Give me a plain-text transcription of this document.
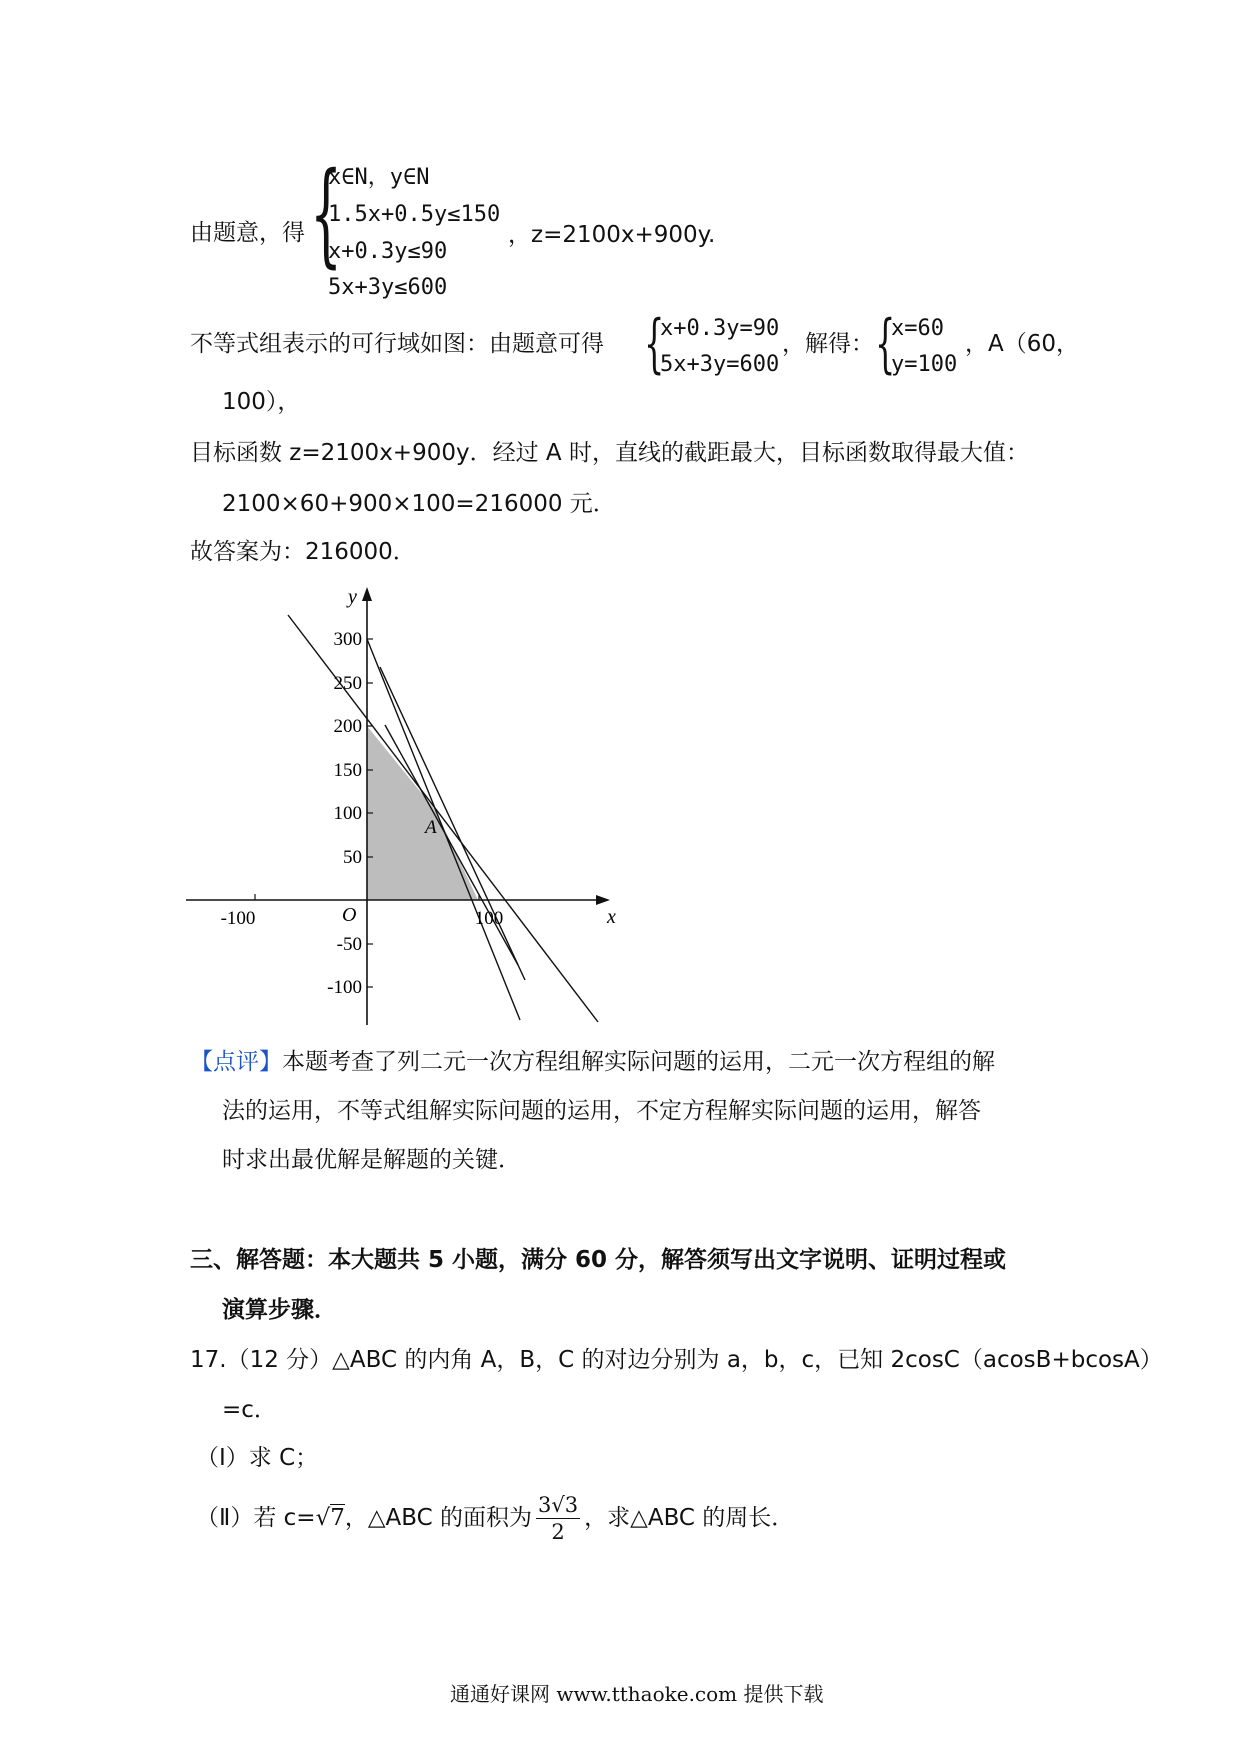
由题意，得 {
x∈N，y∈N
1.5x+0.5y≤150
x+0.3y≤90
5x+3y≤600
，z=2100x+900y.
不等式组表示的可行域如图：由题意可得 {
x+0.3y=90
5x+3y=600
，解得： {
x=60
y=100
，A（60，
100），
目标函数 z=2100x+900y．经过 A 时，直线的截距最大，目标函数取得最大值：
2100×60+900×100=216000 元．
故答案为：216000．
y
x
O
A
300
250
200
150
100
50
-50
-100
-100	100
【点评】本题考查了列二元一次方程组解实际问题的运用，二元一次方程组的解
法的运用，不等式组解实际问题的运用，不定方程解实际问题的运用，解答
时求出最优解是解题的关键．
三、解答题：本大题共 5 小题，满分 60 分，解答须写出文字说明、证明过程或
演算步骤．
17.（12 分）△ABC 的内角 A，B，C 的对边分别为 a，b，c，已知 2cosC（acosB+bcosA）
=c．
（Ⅰ）求 C；
（Ⅱ）若 c=√7，△ABC 的面积为 $\frac{3√3}{2}$ ，求△ABC 的周长．
通通好课网 www.tthaoke.com 提供下载
